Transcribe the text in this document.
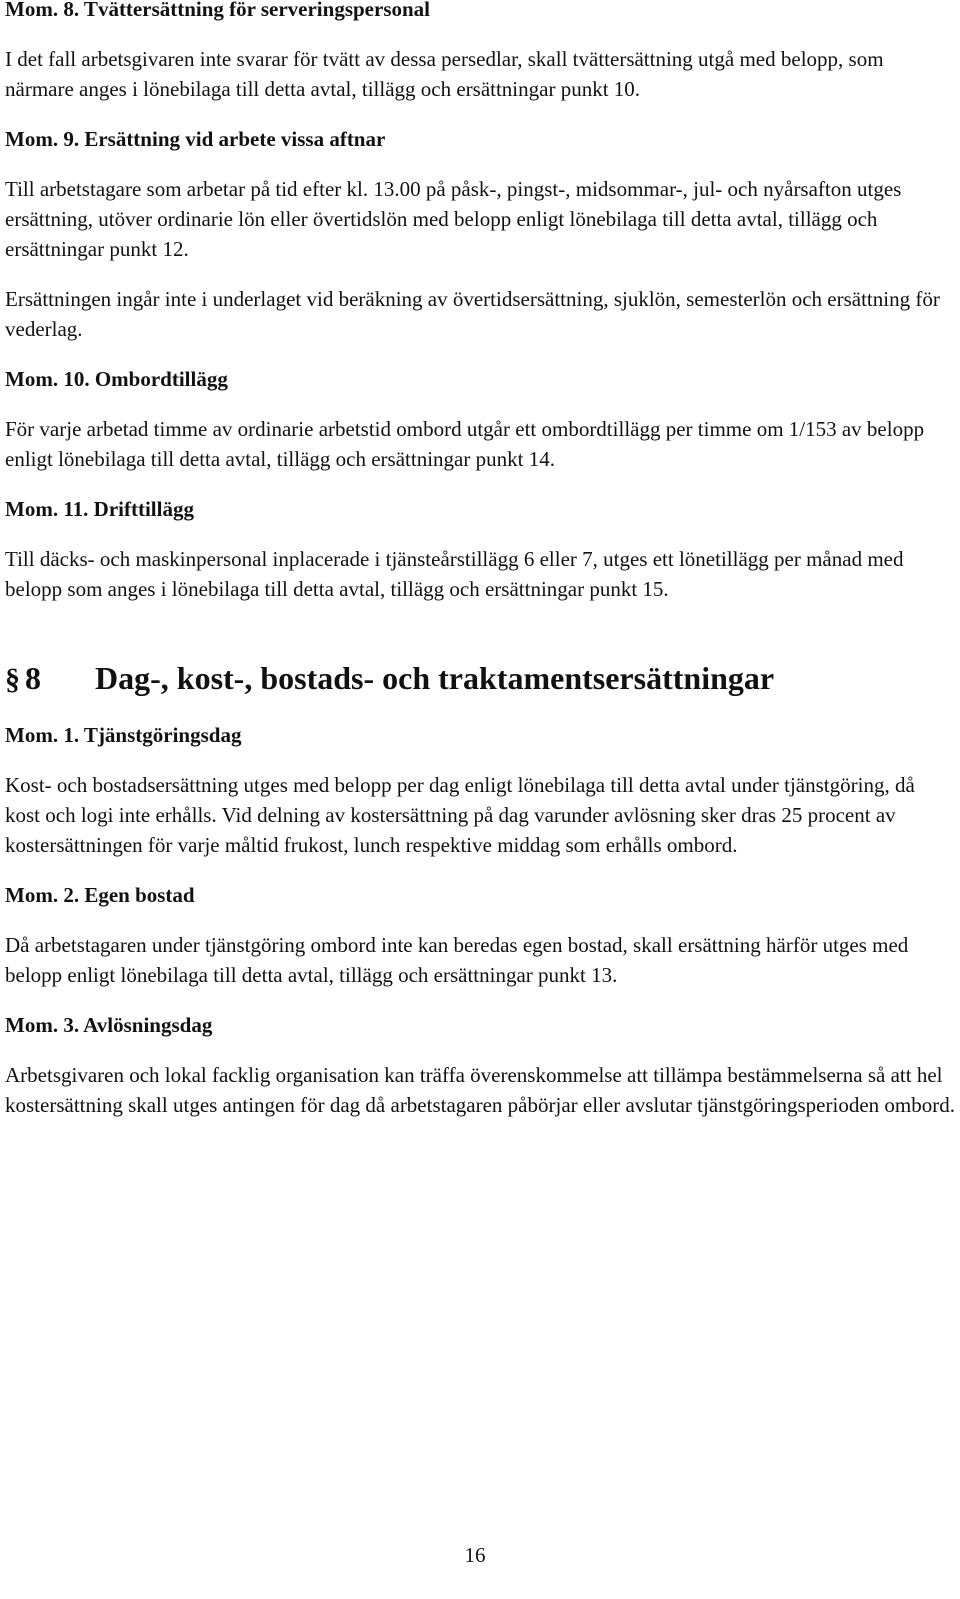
Mom. 8. Tvättersättning för serveringspersonal

I det fall arbetsgivaren inte svarar för tvätt av dessa persedlar, skall tvättersättning utgå med belopp, som närmare anges i lönebilaga till detta avtal, tillägg och ersättningar punkt 10.

Mom. 9. Ersättning vid arbete vissa aftnar

Till arbetstagare som arbetar på tid efter kl. 13.00 på påsk-, pingst-, midsommar-, jul- och nyårsafton utges ersättning, utöver ordinarie lön eller övertidslön med belopp enligt lönebilaga till detta avtal, tillägg och ersättningar punkt 12.

Ersättningen ingår inte i underlaget vid beräkning av övertidsersättning, sjuklön, semesterlön och ersättning för vederlag.

Mom. 10. Ombordtillägg

För varje arbetad timme av ordinarie arbetstid ombord utgår ett ombordtillägg per timme om 1/153 av belopp enligt lönebilaga till detta avtal, tillägg och ersättningar punkt 14.

Mom. 11. Drifttillägg

Till däcks- och maskinpersonal inplacerade i tjänsteårstillägg 6 eller 7, utges ett lönetillägg per månad med belopp som anges i lönebilaga till detta avtal, tillägg och ersättningar punkt 15.

§ 8	Dag-, kost-, bostads- och traktamentsersättningar

Mom. 1. Tjänstgöringsdag

Kost- och bostadsersättning utges med belopp per dag enligt lönebilaga till detta avtal under tjänstgöring, då kost och logi inte erhålls. Vid delning av kostersättning på dag varunder avlösning sker dras 25 procent av kostersättningen för varje måltid frukost, lunch respektive middag som erhålls ombord.

Mom. 2. Egen bostad

Då arbetstagaren under tjänstgöring ombord inte kan beredas egen bostad, skall ersättning härför utges med belopp enligt lönebilaga till detta avtal, tillägg och ersättningar punkt 13.

Mom. 3. Avlösningsdag

Arbetsgivaren och lokal facklig organisation kan träffa överenskommelse att tillämpa bestämmelserna så att hel kostersättning skall utges antingen för dag då arbetstagaren påbörjar eller avslutar tjänstgöringsperioden ombord.

16
